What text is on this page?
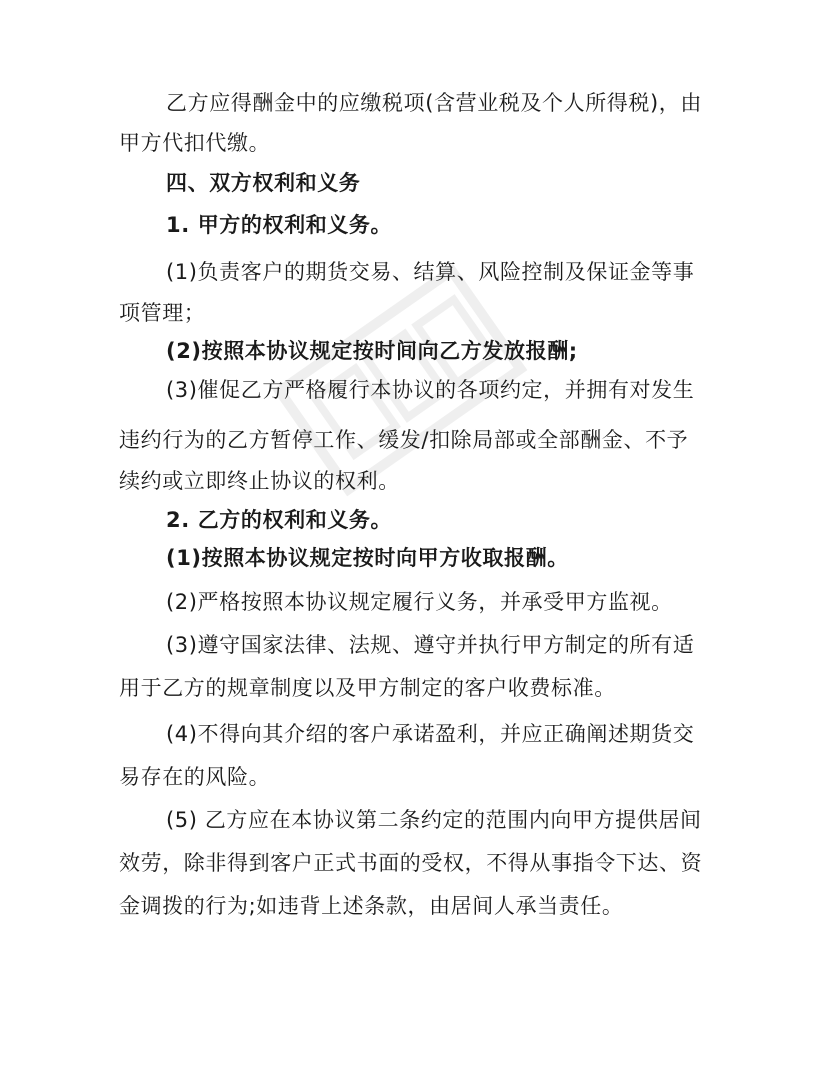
乙方应得酬金中的应缴税项(含营业税及个人所得税)，由
甲方代扣代缴。
四、双方权利和义务
1. 甲方的权利和义务。
(1)负责客户的期货交易、结算、风险控制及保证金等事
项管理；
(2)按照本协议规定按时间向乙方发放报酬;
(3)催促乙方严格履行本协议的各项约定，并拥有对发生
违约行为的乙方暂停工作、缓发/扣除局部或全部酬金、不予
续约或立即终止协议的权利。
2. 乙方的权利和义务。
(1)按照本协议规定按时向甲方收取报酬。
(2)严格按照本协议规定履行义务，并承受甲方监视。
(3)遵守国家法律、法规、遵守并执行甲方制定的所有适
用于乙方的规章制度以及甲方制定的客户收费标准。
(4)不得向其介绍的客户承诺盈利，并应正确阐述期货交
易存在的风险。
(5) 乙方应在本协议第二条约定的范围内向甲方提供居间
效劳，除非得到客户正式书面的受权，不得从事指令下达、资
金调拨的行为;如违背上述条款，由居间人承当责任。
